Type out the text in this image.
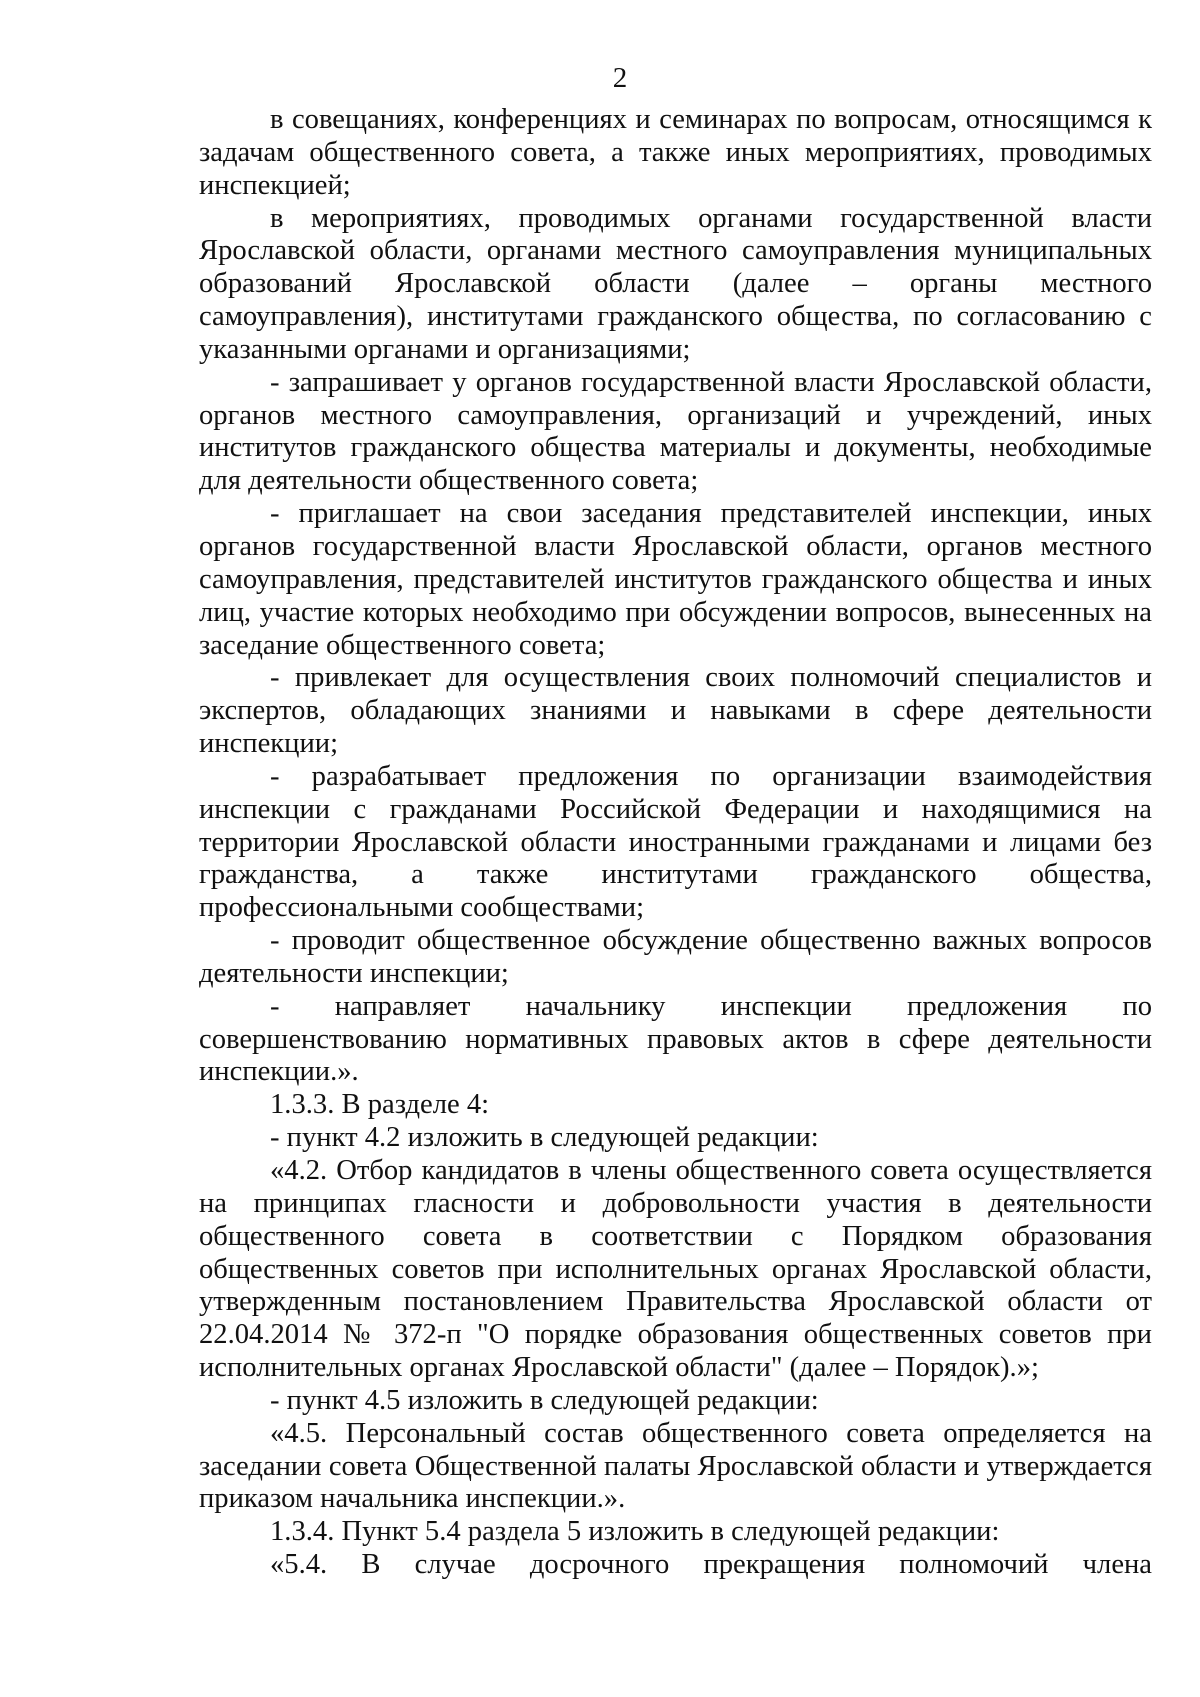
2

в совещаниях, конференциях и семинарах по вопросам, относящимся к задачам общественного совета, а также иных мероприятиях, проводимых инспекцией;

в мероприятиях, проводимых органами государственной власти Ярославской области, органами местного самоуправления муниципальных образований Ярославской области (далее – органы местного самоуправления), институтами гражданского общества, по согласованию с указанными органами и организациями;

- запрашивает у органов государственной власти Ярославской области, органов местного самоуправления, организаций и учреждений, иных институтов гражданского общества материалы и документы, необходимые для деятельности общественного совета;

- приглашает на свои заседания представителей инспекции, иных органов государственной власти Ярославской области, органов местного самоуправления, представителей институтов гражданского общества и иных лиц, участие которых необходимо при обсуждении вопросов, вынесенных на заседание общественного совета;

- привлекает для осуществления своих полномочий специалистов и экспертов, обладающих знаниями и навыками в сфере деятельности инспекции;

- разрабатывает предложения по организации взаимодействия инспекции с гражданами Российской Федерации и находящимися на территории Ярославской области иностранными гражданами и лицами без гражданства, а также институтами гражданского общества, профессиональными сообществами;

- проводит общественное обсуждение общественно важных вопросов деятельности инспекции;

- направляет начальнику инспекции предложения по совершенствованию нормативных правовых актов в сфере деятельности инспекции.».

1.3.3. В разделе 4:

- пункт 4.2 изложить в следующей редакции:

«4.2. Отбор кандидатов в члены общественного совета осуществляется на принципах гласности и добровольности участия в деятельности общественного совета в соответствии с Порядком образования общественных советов при исполнительных органах Ярославской области, утвержденным постановлением Правительства Ярославской области от 22.04.2014 № 372-п "О порядке образования общественных советов при исполнительных органах Ярославской области" (далее – Порядок).»;

- пункт 4.5 изложить в следующей редакции:

«4.5. Персональный состав общественного совета определяется на заседании совета Общественной палаты Ярославской области и утверждается приказом начальника инспекции.».

1.3.4. Пункт 5.4 раздела 5 изложить в следующей редакции:

«5.4. В случае досрочного прекращения полномочий члена
